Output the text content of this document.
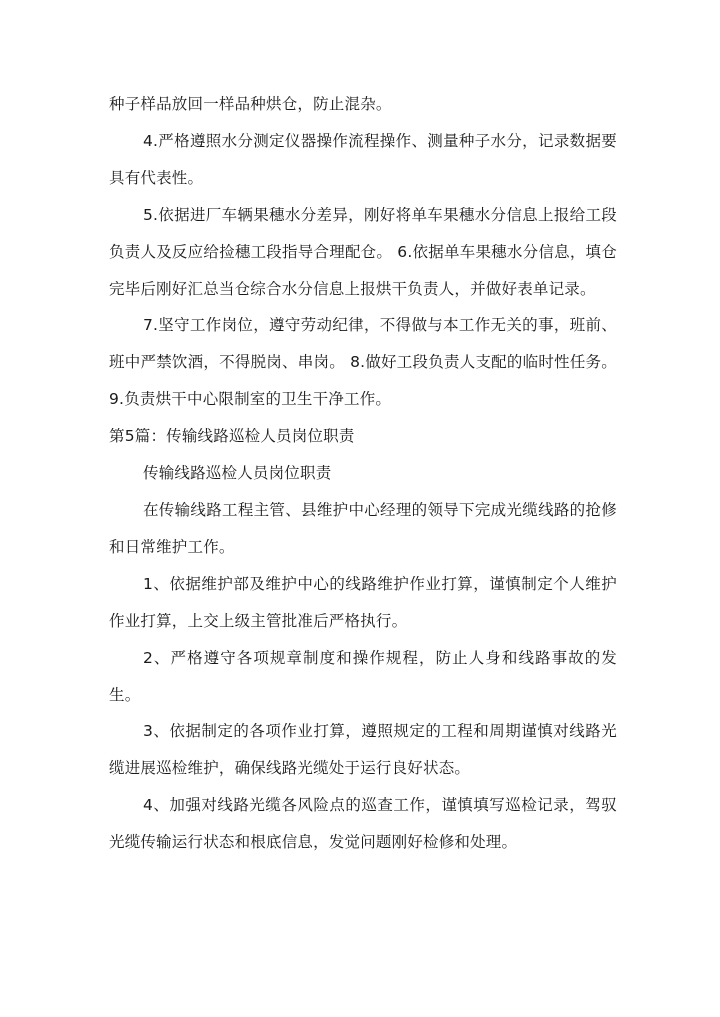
种子样品放回一样品种烘仓，防止混杂。

4.严格遵照水分测定仪器操作流程操作、测量种子水分，记录数据要具有代表性。

5.依据进厂车辆果穗水分差异，刚好将单车果穗水分信息上报给工段负责人及反应给捡穗工段指导合理配仓。 6.依据单车果穗水分信息，填仓完毕后刚好汇总当仓综合水分信息上报烘干负责人，并做好表单记录。

7.坚守工作岗位，遵守劳动纪律，不得做与本工作无关的事，班前、班中严禁饮酒，不得脱岗、串岗。 8.做好工段负责人支配的临时性任务。 9.负责烘干中心限制室的卫生干净工作。

第5篇：传输线路巡检人员岗位职责

传输线路巡检人员岗位职责

在传输线路工程主管、县维护中心经理的领导下完成光缆线路的抢修和日常维护工作。

1、依据维护部及维护中心的线路维护作业打算，谨慎制定个人维护作业打算，上交上级主管批准后严格执行。

2、严格遵守各项规章制度和操作规程，防止人身和线路事故的发生。

3、依据制定的各项作业打算，遵照规定的工程和周期谨慎对线路光缆进展巡检维护，确保线路光缆处于运行良好状态。

4、加强对线路光缆各风险点的巡查工作，谨慎填写巡检记录，驾驭光缆传输运行状态和根底信息，发觉问题刚好检修和处理。
